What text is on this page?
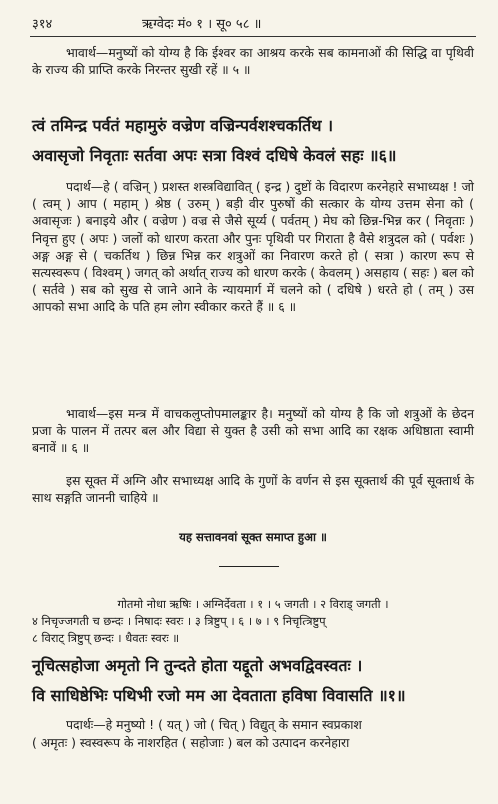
३१४	ऋग्वेदः मं० १ । सू० ५८ ॥
भावार्थ—मनुष्यों को योग्य है कि ईश्वर का आश्रय करके सब कामनाओं की सिद्धि वा पृथिवी के राज्य की प्राप्ति करके निरन्तर सुखी रहें ॥ ५ ॥
त्वं तमिन्द्र पर्वतं महामुरुं वज्रेण वज्रिन्पर्वशश्चकर्तिथ ।
अवासृजो निवृताः सर्तवा अपः सत्रा विश्वं दधिषे केवलं सहः ॥६॥
पदार्थ—हे ( वज्रिन् ) प्रशस्त शस्त्रविद्यावित् ( इन्द्र ) दुष्टों के विदारण करनेहारे सभाध्यक्ष ! जो ( त्वम् ) आप ( महाम् ) श्रेष्ठ ( उरुम् ) बड़ी वीर पुरुषों की सत्कार के योग्य उत्तम सेना को ( अवासृजः ) बनाइये और ( वज्रेण ) वज्र से जैसे सूर्य्य ( पर्वतम् ) मेघ को छिन्न-भिन्न कर ( निवृताः ) निवृत्त हुए ( अपः ) जलों को धारण करता और पुनः पृथिवी पर गिराता है वैसे शत्रुदल को ( पर्वशः ) अङ्ग अङ्ग से ( चकर्तिथ ) छिन्न भिन्न कर शत्रुओं का निवारण करते हो ( सत्रा ) कारण रूप से सत्यस्वरूप ( विश्वम् ) जगत् को अर्थात् राज्य को धारण करके ( केवलम् ) असहाय ( सहः ) बल को ( सर्तवे ) सब को सुख से जाने आने के न्यायमार्ग में चलने को ( दधिषे ) धरते हो ( तम् ) उस आपको सभा आदि के पति हम लोग स्वीकार करते हैं ॥ ६ ॥
भावार्थ—इस मन्त्र में वाचकलुप्तोपमालङ्कार है। मनुष्यों को योग्य है कि जो शत्रुओं के छेदन प्रजा के पालन में तत्पर बल और विद्या से युक्त है उसी को सभा आदि का रक्षक अधिष्ठाता स्वामी बनावें ॥ ६ ॥
इस सूक्त में अग्नि और सभाध्यक्ष आदि के गुणों के वर्णन से इस सूक्तार्थ की पूर्व सूक्तार्थ के साथ सङ्गति जाननी चाहिये ॥
यह सत्तावनवां सूक्त समाप्त हुआ ॥
गोतमो नोधा ऋषिः । अग्निर्देवता । १ । ५ जगती । २ विराड् जगती ।
४ निचृज्जगती च छन्दः । निषादः स्वरः । ३ त्रिष्टुप् । ६ । ७ । ९ निचृत्त्रिष्टुप्
८ विराट् त्रिष्टुप् छन्दः । धैवतः स्वरः ॥
नूचित्सहोजा अमृतो नि तुन्दते होता यद्दूतो अभवद्विवस्वतः ।
वि साधिष्ठेभिः पथिभी रजो मम आ देवताता हविषा विवासति ॥१॥
पदार्थः—हे मनुष्यो ! ( यत् ) जो ( चित् ) विद्युत् के समान स्वप्रकाश
( अमृतः ) स्वस्वरूप के नाशरहित ( सहोजाः ) बल को उत्पादन करनेहारा
